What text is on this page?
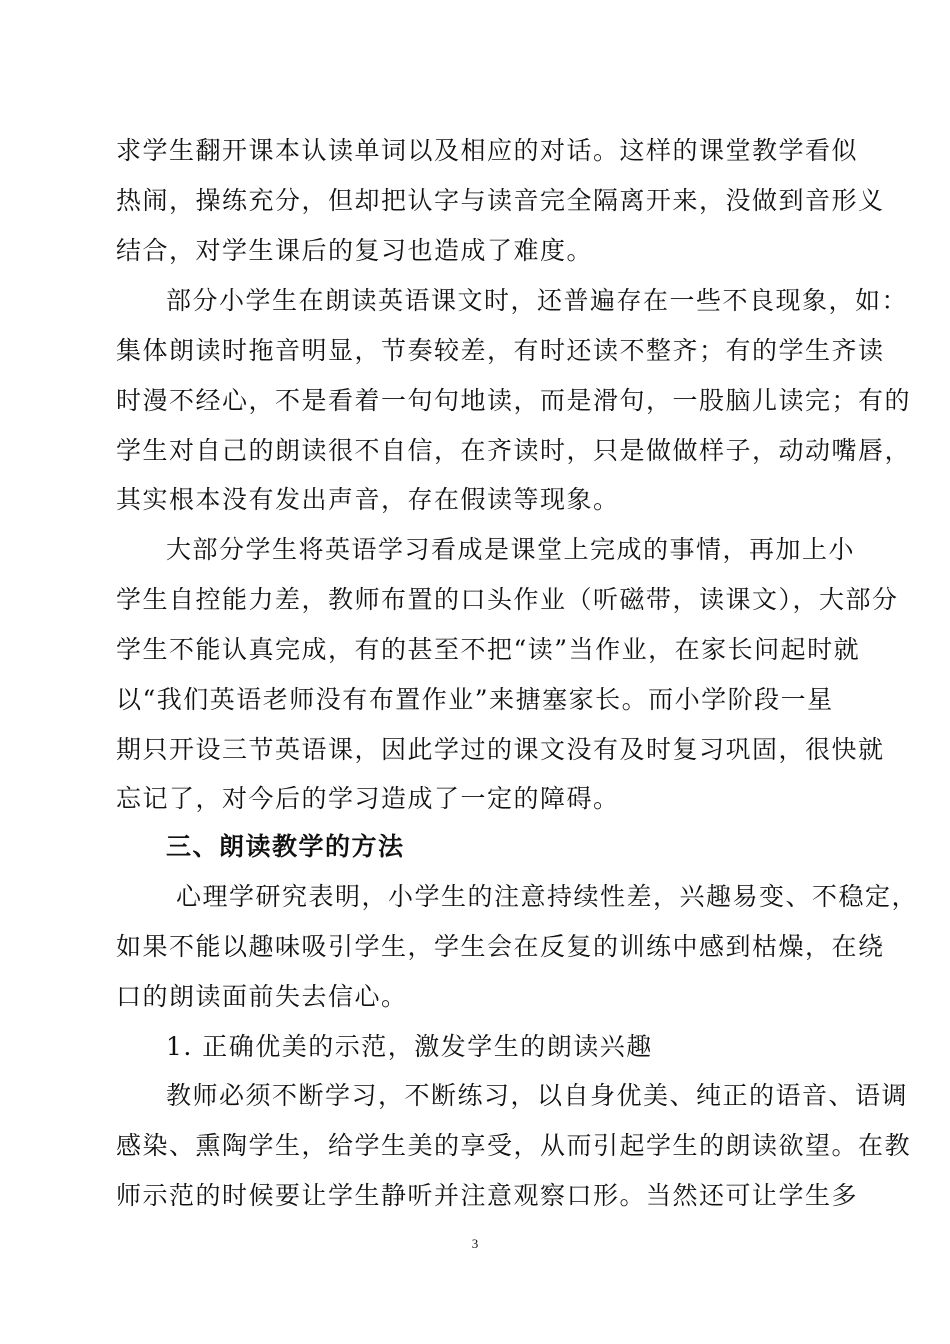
求学生翻开课本认读单词以及相应的对话。这样的课堂教学看似
热闹，操练充分，但却把认字与读音完全隔离开来，没做到音形义
结合，对学生课后的复习也造成了难度。
部分小学生在朗读英语课文时，还普遍存在一些不良现象，如：
集体朗读时拖音明显，节奏较差，有时还读不整齐；有的学生齐读
时漫不经心，不是看着一句句地读，而是滑句，一股脑儿读完；有的
学生对自己的朗读很不自信，在齐读时，只是做做样子，动动嘴唇，
其实根本没有发出声音，存在假读等现象。
大部分学生将英语学习看成是课堂上完成的事情，再加上小
学生自控能力差，教师布置的口头作业（听磁带，读课文），大部分
学生不能认真完成，有的甚至不把“读”当作业，在家长问起时就
以“我们英语老师没有布置作业”来搪塞家长。而小学阶段一星
期只开设三节英语课，因此学过的课文没有及时复习巩固，很快就
忘记了，对今后的学习造成了一定的障碍。
三、朗读教学的方法
心理学研究表明，小学生的注意持续性差，兴趣易变、不稳定，
如果不能以趣味吸引学生，学生会在反复的训练中感到枯燥，在绕
口的朗读面前失去信心。
1. 正确优美的示范，激发学生的朗读兴趣
教师必须不断学习，不断练习，以自身优美、纯正的语音、语调
感染、熏陶学生，给学生美的享受，从而引起学生的朗读欲望。在教
师示范的时候要让学生静听并注意观察口形。当然还可让学生多
3
